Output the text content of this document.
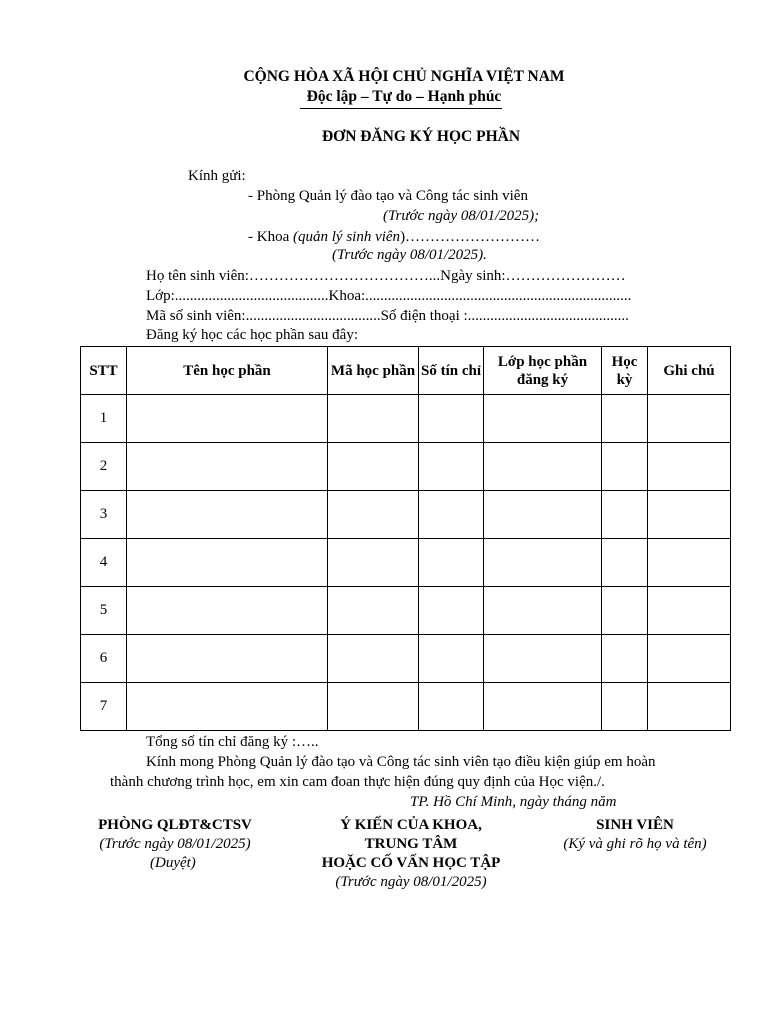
CỘNG HÒA XÃ HỘI CHỦ NGHĨA VIỆT NAM
Độc lập – Tự do – Hạnh phúc
ĐƠN ĐĂNG KÝ HỌC PHẦN
Kính gửi:
- Phòng Quản lý đào tạo và Công tác sinh viên
(Trước ngày 08/01/2025);
- Khoa (quản lý sinh viên)………………………
(Trước ngày 08/01/2025).
Họ tên sinh viên:………………………………...Ngày sinh:……………………
Lớp:.........................................Khoa:.......................................................................
Mã số sinh viên:....................................Số điện thoại :...........................................
Đăng ký học các học phần sau đây:
STT	Tên học phần	Mã học phần	Số tín chỉ	Lớp học phần đăng ký	Học kỳ	Ghi chú
1						
2						
3						
4						
5						
6						
7						
Tổng số tín chỉ đăng ký :…..
Kính mong Phòng Quản lý đào tạo và Công tác sinh viên tạo điều kiện giúp em hoàn
thành chương trình học, em xin cam đoan thực hiện đúng quy định của Học viện./.
TP. Hồ Chí Minh, ngày tháng năm
PHÒNG QLĐT&CTSV
(Trước ngày 08/01/2025)
(Duyệt)
Ý KIẾN CỦA KHOA,
TRUNG TÂM
HOẶC CỐ VẤN HỌC TẬP
(Trước ngày 08/01/2025)
SINH VIÊN
(Ký và ghi rõ họ và tên)
